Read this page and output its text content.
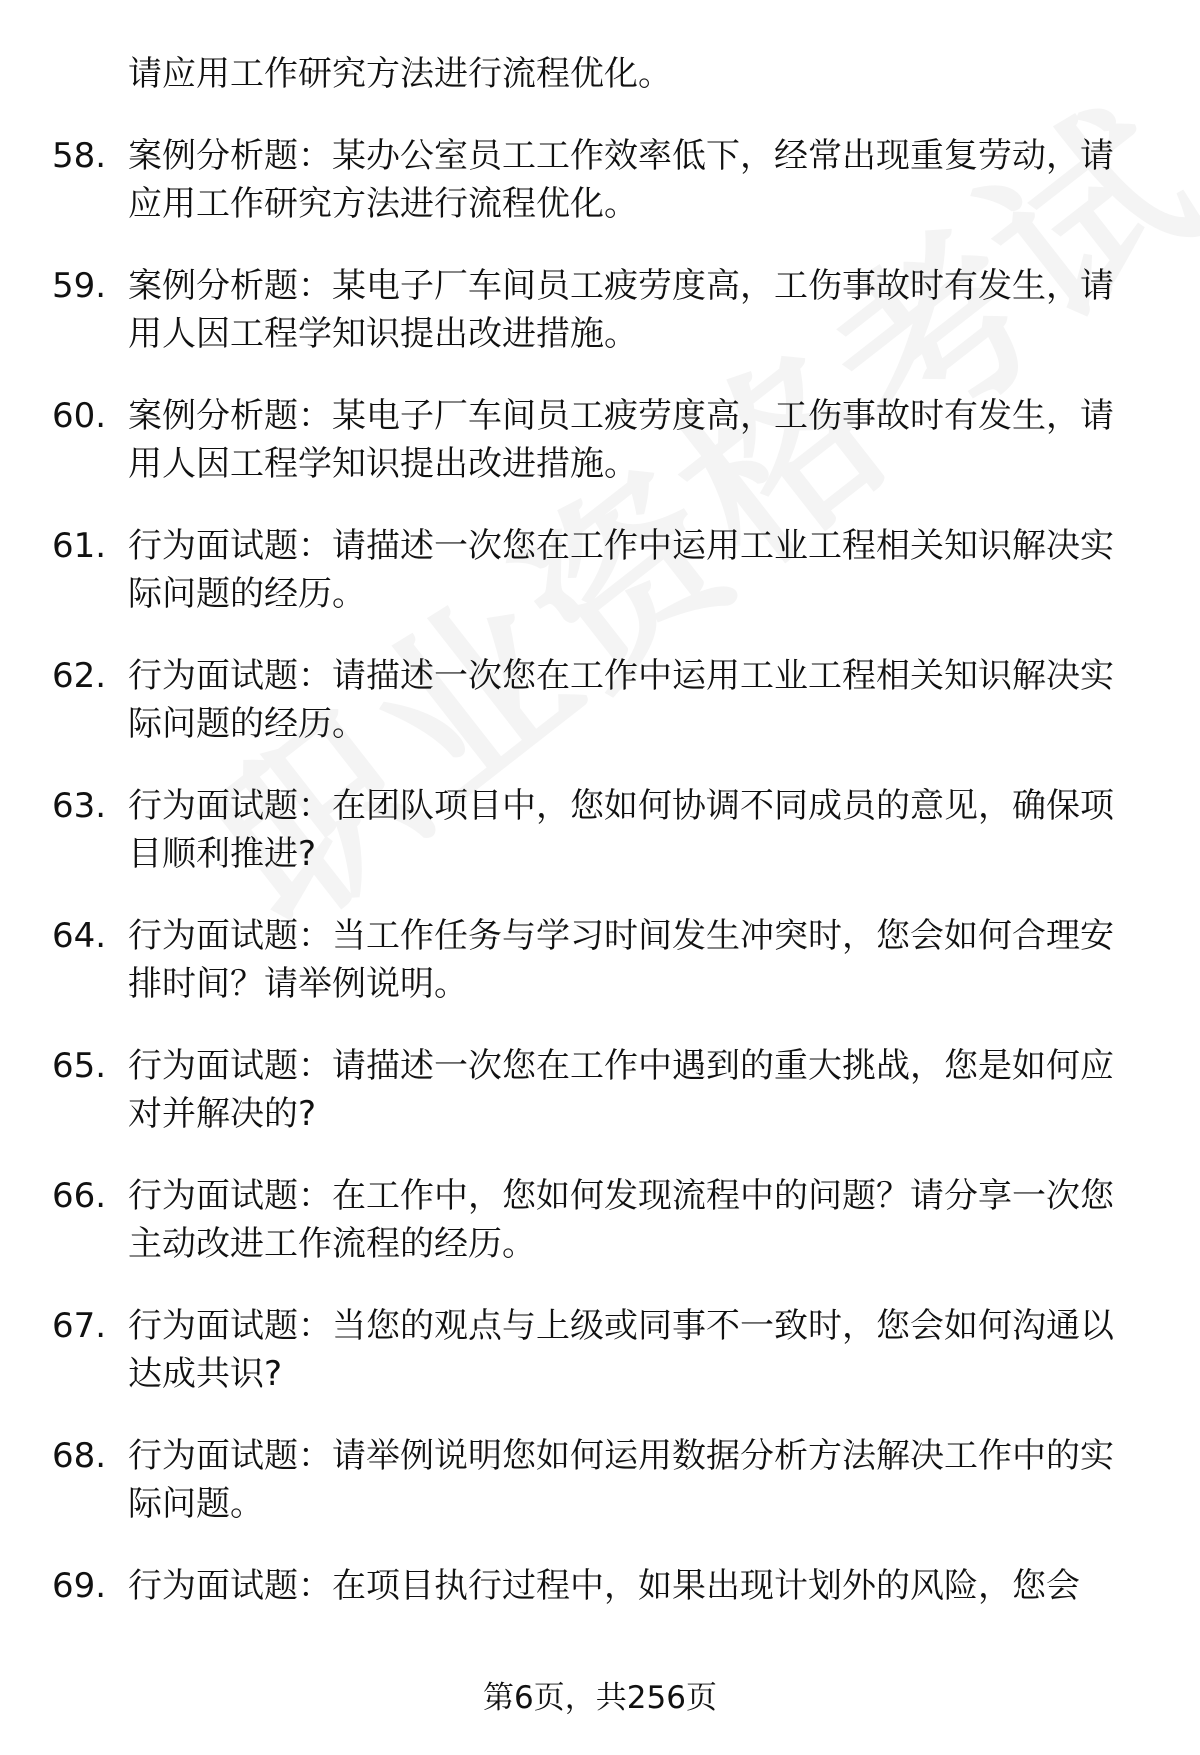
请应用工作研究方法进行流程优化。
58. 案例分析题：某办公室员工工作效率低下，经常出现重复劳动，请应用工作研究方法进行流程优化。
59. 案例分析题：某电子厂车间员工疲劳度高，工伤事故时有发生，请用人因工程学知识提出改进措施。
60. 案例分析题：某电子厂车间员工疲劳度高，工伤事故时有发生，请用人因工程学知识提出改进措施。
61. 行为面试题：请描述一次您在工作中运用工业工程相关知识解决实际问题的经历。
62. 行为面试题：请描述一次您在工作中运用工业工程相关知识解决实际问题的经历。
63. 行为面试题：在团队项目中，您如何协调不同成员的意见，确保项目顺利推进?
64. 行为面试题：当工作任务与学习时间发生冲突时，您会如何合理安排时间？请举例说明。
65. 行为面试题：请描述一次您在工作中遇到的重大挑战，您是如何应对并解决的?
66. 行为面试题：在工作中，您如何发现流程中的问题？请分享一次您主动改进工作流程的经历。
67. 行为面试题：当您的观点与上级或同事不一致时，您会如何沟通以达成共识?
68. 行为面试题：请举例说明您如何运用数据分析方法解决工作中的实际问题。
69. 行为面试题：在项目执行过程中，如果出现计划外的风险，您会
第6页，共256页
